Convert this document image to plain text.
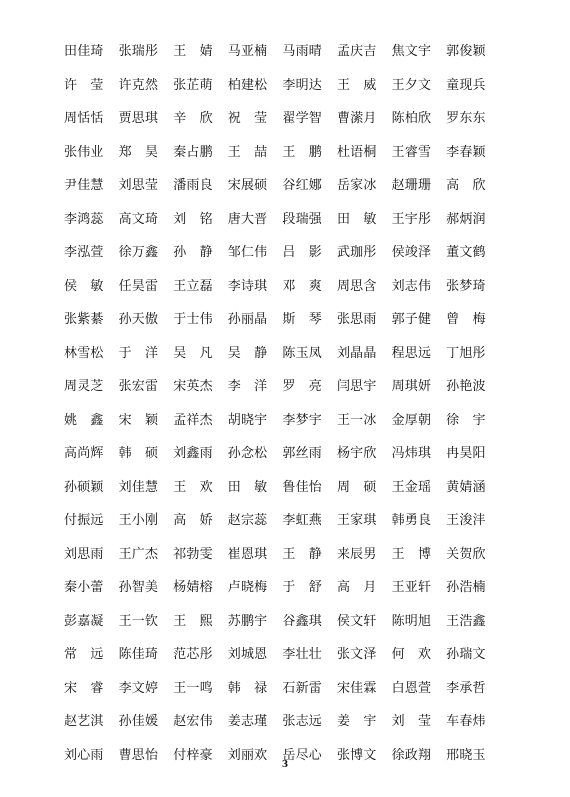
田佳琦	张瑞彤	王　婧	马亚楠	马雨晴	孟庆吉	焦文宇	郭俊颖
许　莹	许克然	张芷萌	柏建松	李明达	王　威	王夕文	童现兵
周恬恬	贾思琪	辛　欣	祝　莹	翟学智	曹潆月	陈柏欣	罗东东
张伟业	郑　昊	秦占鹏	王　喆	王　鹏	杜语桐	王睿雪	李春颖
尹佳慧	刘思莹	潘雨良	宋展硕	谷红娜	岳家冰	赵珊珊	高　欣
李鸿蕊	高文琦	刘　铭	唐大晋	段瑞强	田　敏	王宇彤	郝炳润
李泓萱	徐万鑫	孙　静	邹仁伟	吕　影	武珈彤	侯竣泽	董文鹤
侯　敏	任昊雷	王立磊	李诗琪	邓　爽	周思含	刘志伟	张梦琦
张紫綦	孙天傲	于士伟	孙丽晶	斯　琴	张思雨	郭子健	曾　梅
林雪松	于　洋	吴　凡	吴　静	陈玉凤	刘晶晶	程思远	丁旭彤
周灵芝	张宏雷	宋英杰	李　洋	罗　亮	闫思宇	周琪妍	孙艳波
姚　鑫	宋　颖	孟祥杰	胡晓宇	李梦宇	王一冰	金厚朝	徐　宇
高尚辉	韩　硕	刘鑫雨	孙念松	郭丝雨	杨宇欣	冯炜琪	冉昊阳
孙硕颖	刘佳慧	王　欢	田　敏	鲁佳怡	周　硕	王金瑶	黄婧涵
付振远	王小刚	高　娇	赵宗蕊	李虹燕	王家琪	韩勇良	王浚沣
刘思雨	王广杰	祁勃雯	崔恩琪	王　静	来辰男	王　博	关贺欣
秦小蕾	孙智美	杨婧榕	卢晓梅	于　舒	高　月	王亚轩	孙浩楠
彭嘉凝	王一钦	王　熙	苏鹏宇	谷鑫琪	侯文轩	陈明旭	王浩鑫
常　远	陈佳琦	范芯彤	刘城恩	李壮壮	张文泽	何　欢	孙瑞文
宋　睿	李文婷	王一鸣	韩　禄	石新雷	宋佳霖	白恩萱	李承哲
赵艺淇	孙佳媛	赵宏伟	姜志瑾	张志远	姜　宇	刘　莹	车春炜
刘心雨	曹思怡	付梓豪	刘丽欢	岳尽心	张博文	徐政翔	邢晓玉
3
